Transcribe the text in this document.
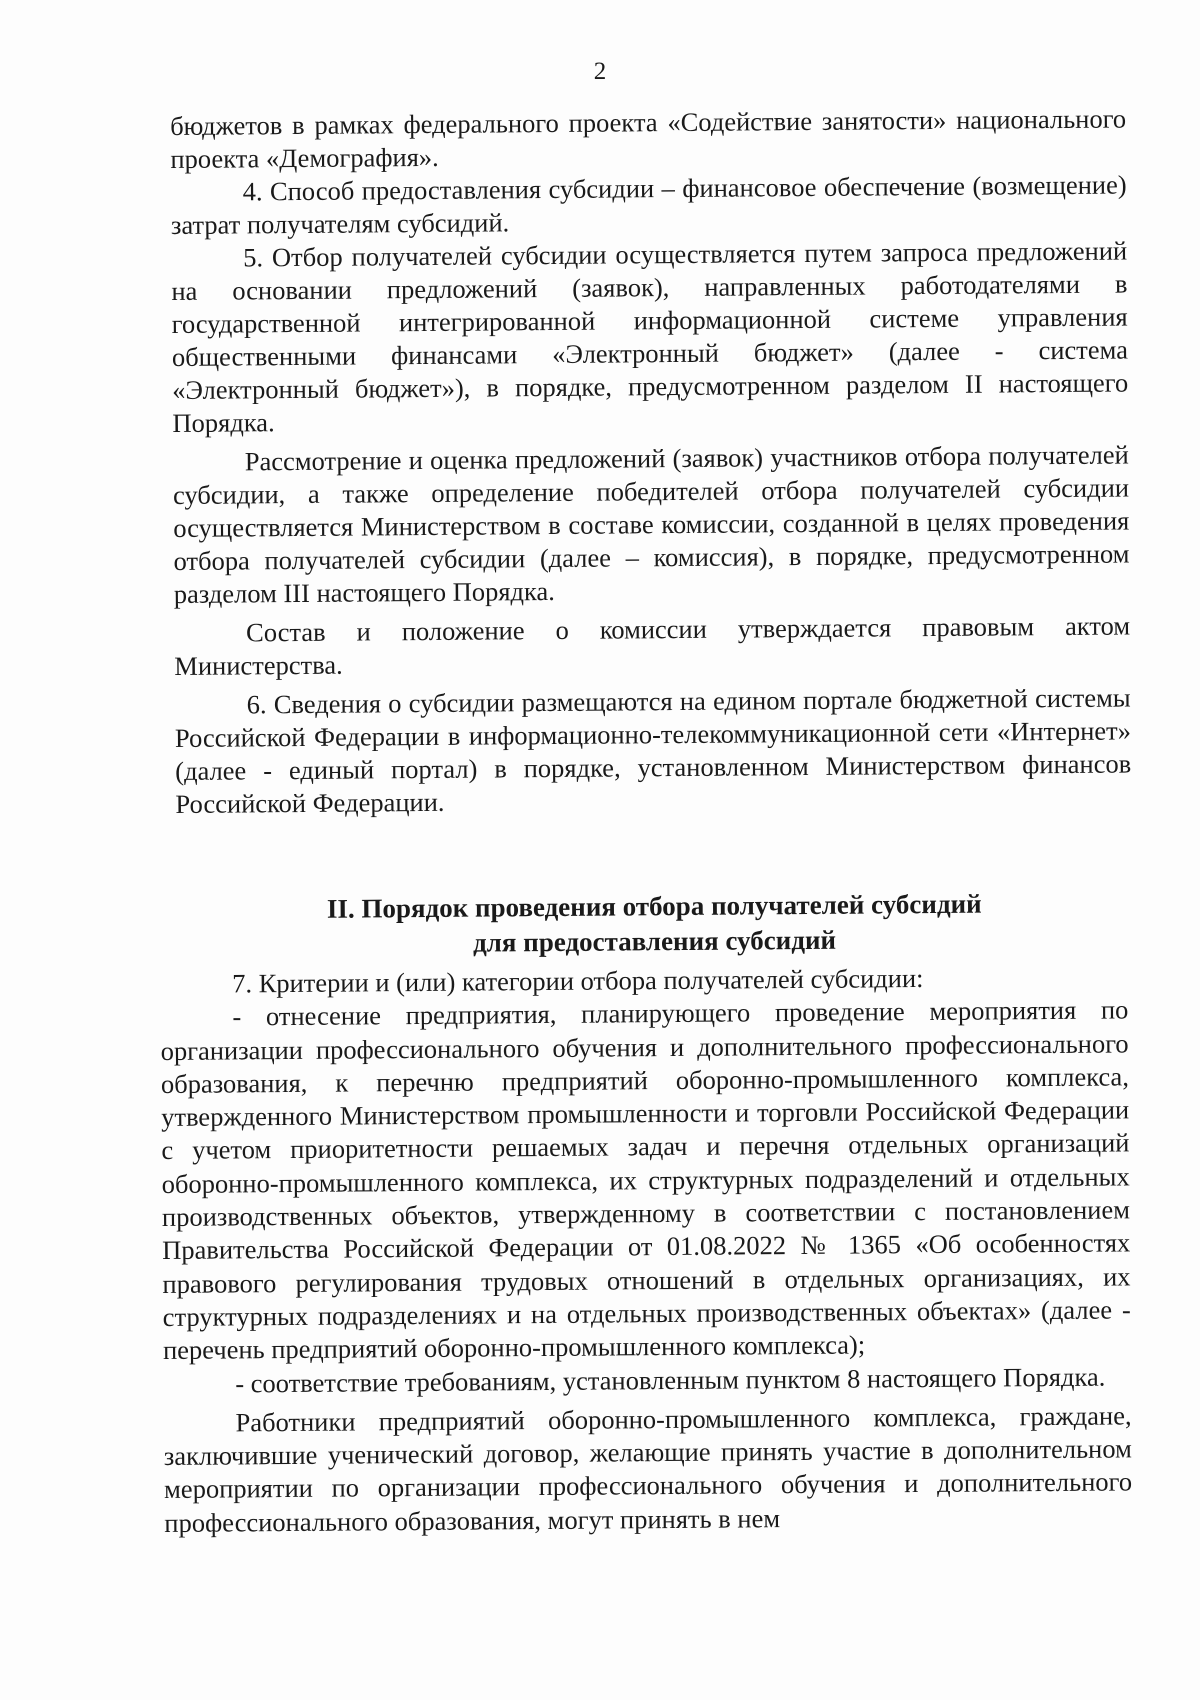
2

бюджетов в рамках федерального проекта «Содействие занятости» национального проекта «Демография».

4. Способ предоставления субсидии – финансовое обеспечение (возмещение) затрат получателям субсидий.

5. Отбор получателей субсидии осуществляется путем запроса предложений на основании предложений (заявок), направленных работодателями в государственной интегрированной информационной системе управления общественными финансами «Электронный бюджет» (далее - система «Электронный бюджет»), в порядке, предусмотренном разделом II настоящего Порядка.

Рассмотрение и оценка предложений (заявок) участников отбора получателей субсидии, а также определение победителей отбора получателей субсидии осуществляется Министерством в составе комиссии, созданной в целях проведения отбора получателей субсидии (далее – комиссия), в порядке, предусмотренном разделом III настоящего Порядка.

Состав и положение о комиссии утверждается правовым актом Министерства.

6. Сведения о субсидии размещаются на едином портале бюджетной системы Российской Федерации в информационно-телекоммуникационной сети «Интернет» (далее - единый портал) в порядке, установленном Министерством финансов Российской Федерации.

II. Порядок проведения отбора получателей субсидий
для предоставления субсидий

7. Критерии и (или) категории отбора получателей субсидии:

- отнесение предприятия, планирующего проведение мероприятия по организации профессионального обучения и дополнительного профессионального образования, к перечню предприятий оборонно-промышленного комплекса, утвержденного Министерством промышленности и торговли Российской Федерации с учетом приоритетности решаемых задач и перечня отдельных организаций оборонно-промышленного комплекса, их структурных подразделений и отдельных производственных объектов, утвержденному в соответствии с постановлением Правительства Российской Федерации от 01.08.2022 № 1365 «Об особенностях правового регулирования трудовых отношений в отдельных организациях, их структурных подразделениях и на отдельных производственных объектах» (далее - перечень предприятий оборонно-промышленного комплекса);

- соответствие требованиям, установленным пунктом 8 настоящего Порядка.

Работники предприятий оборонно-промышленного комплекса, граждане, заключившие ученический договор, желающие принять участие в дополнительном мероприятии по организации профессионального обучения и дополнительного профессионального образования, могут принять в нем
